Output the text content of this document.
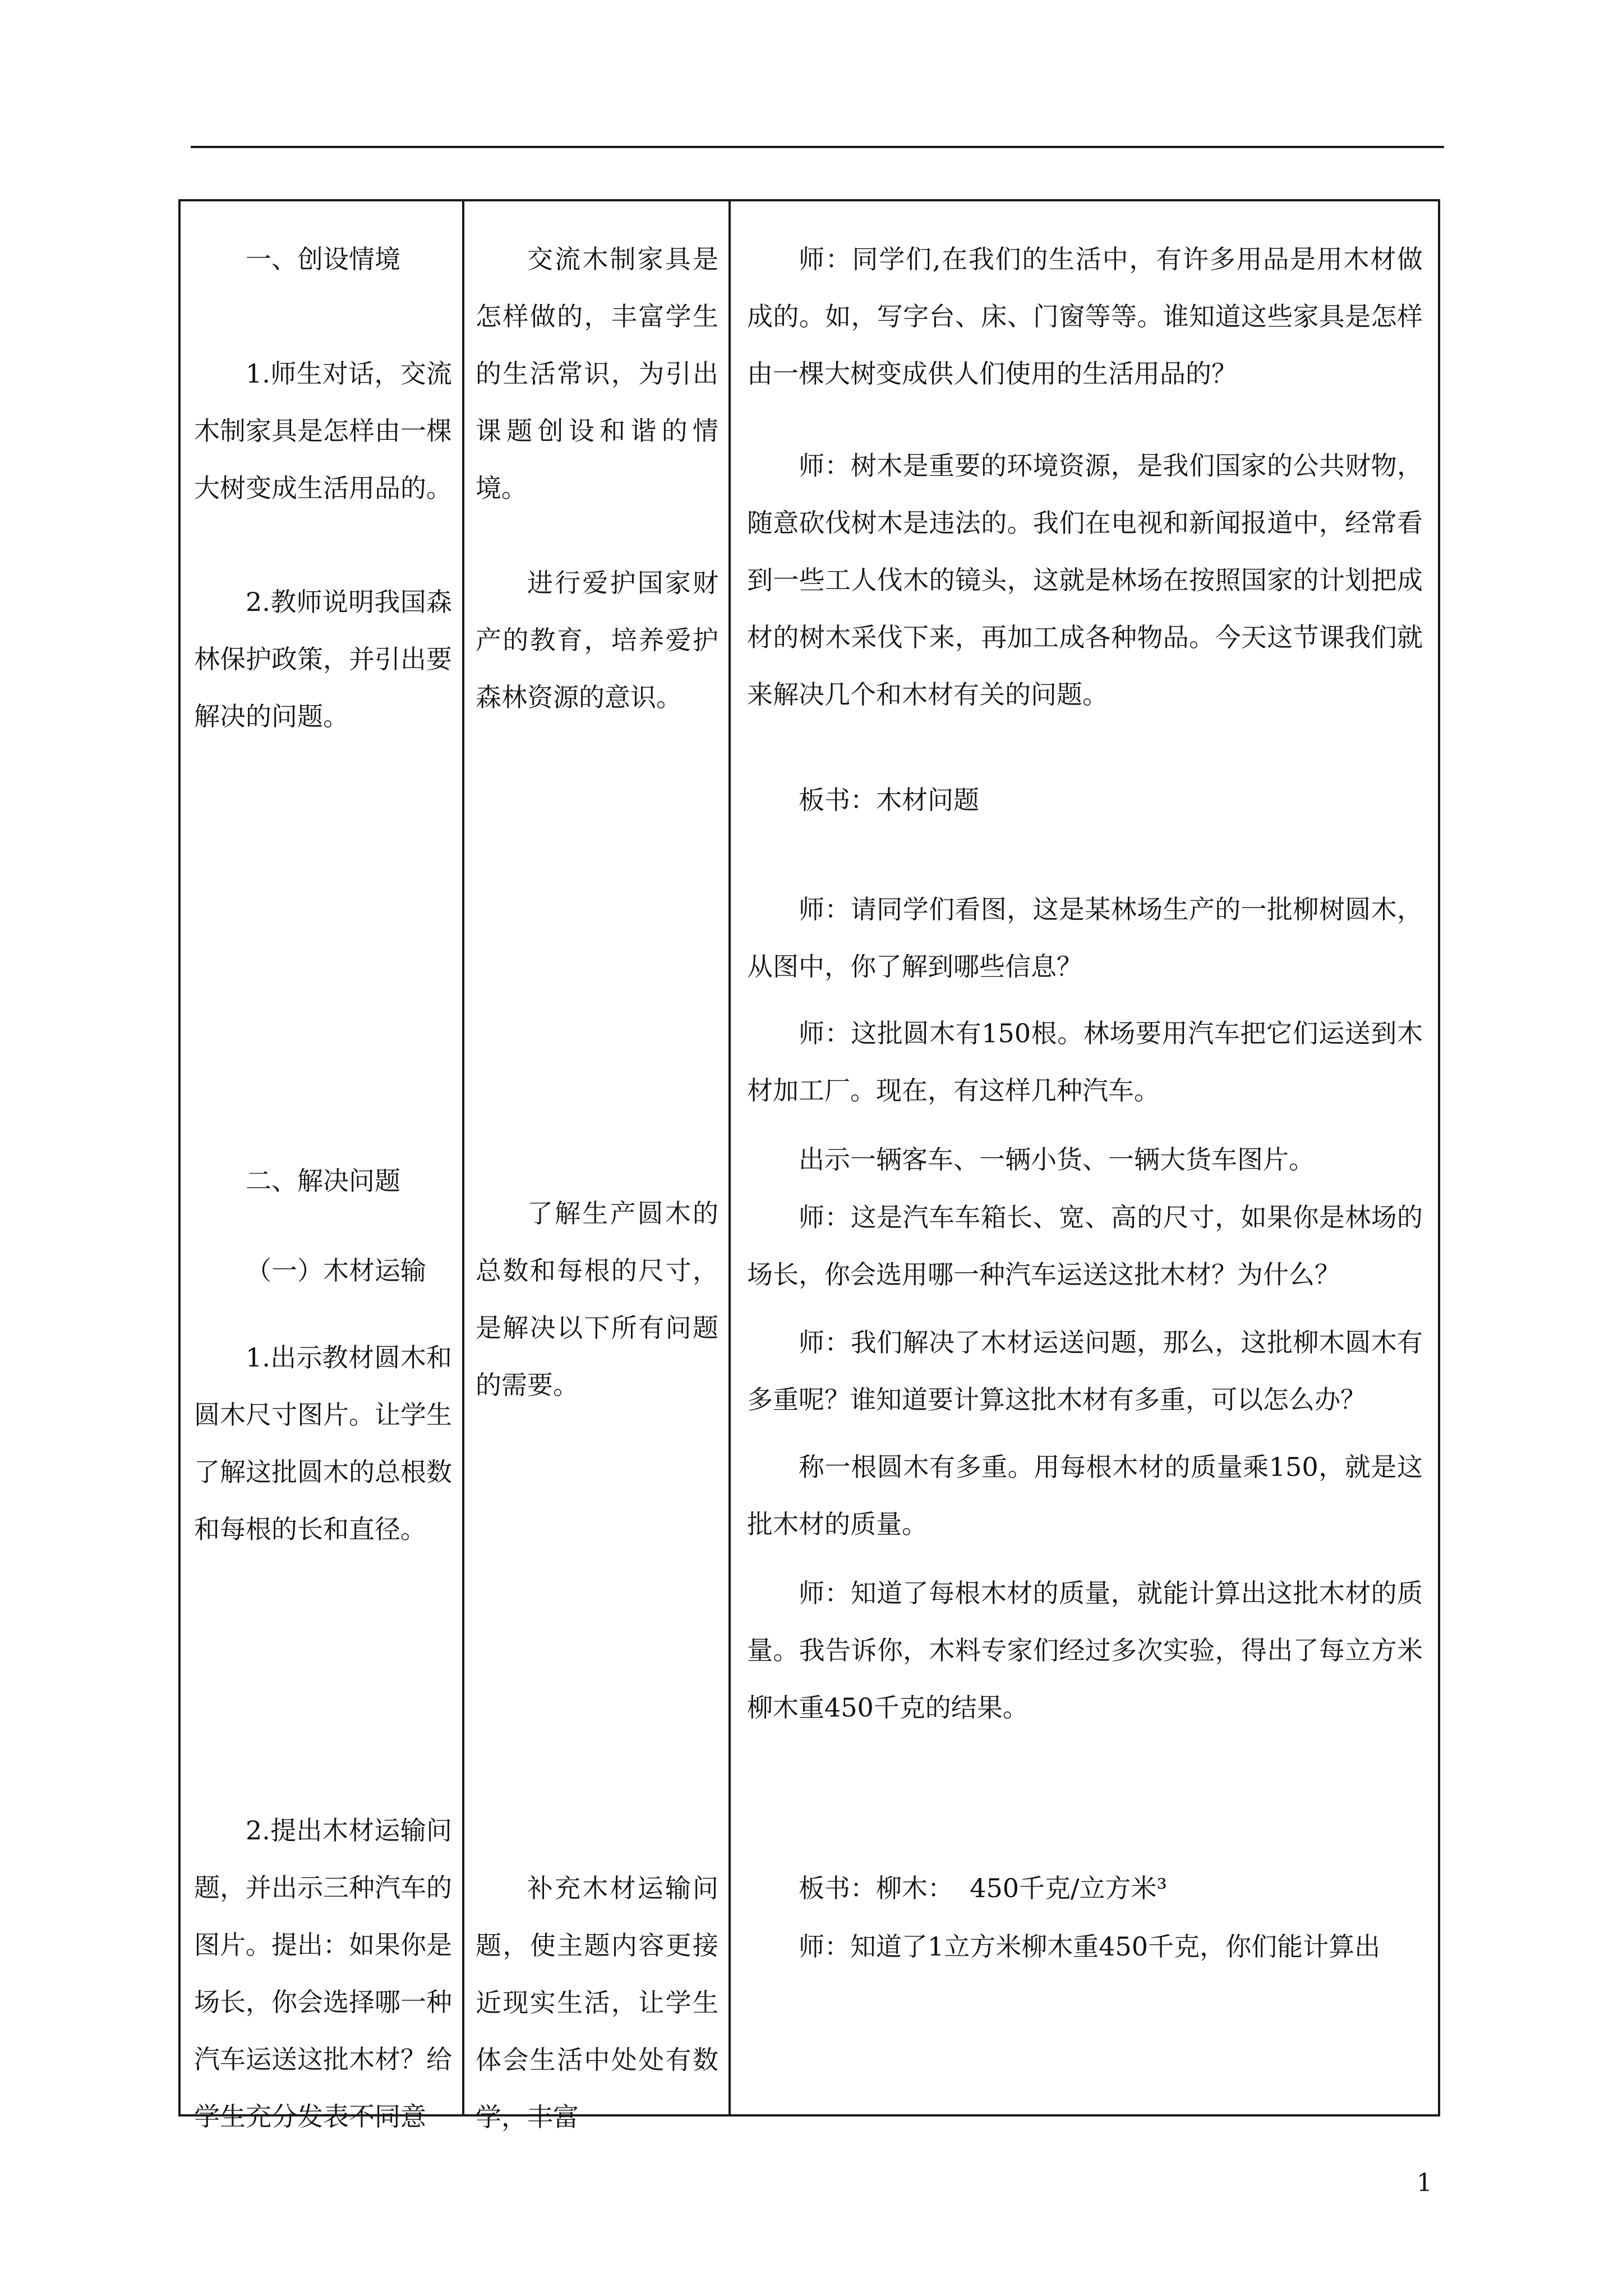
一、创设情境

1.师生对话，交流木制家具是怎样由一棵大树变成生活用品的。

2.教师说明我国森林保护政策，并引出要解决的问题。

二、解决问题

（一）木材运输

1.出示教材圆木和圆木尺寸图片。让学生了解这批圆木的总根数和每根的长和直径。

2.提出木材运输问题，并出示三种汽车的图片。提出：如果你是场长，你会选择哪一种汽车运送这批木材？给学生充分发表不同意

交流木制家具是怎样做的，丰富学生的生活常识，为引出课题创设和谐的情境。

进行爱护国家财产的教育，培养爱护森林资源的意识。

了解生产圆木的总数和每根的尺寸，是解决以下所有问题的需要。

补充木材运输问题，使主题内容更接近现实生活，让学生体会生活中处处有数学，丰富

师：同学们,在我们的生活中，有许多用品是用木材做成的。如，写字台、床、门窗等等。谁知道这些家具是怎样由一棵大树变成供人们使用的生活用品的？

师：树木是重要的环境资源，是我们国家的公共财物，随意砍伐树木是违法的。我们在电视和新闻报道中，经常看到一些工人伐木的镜头，这就是林场在按照国家的计划把成材的树木采伐下来，再加工成各种物品。今天这节课我们就来解决几个和木材有关的问题。

板书：木材问题

师：请同学们看图，这是某林场生产的一批柳树圆木，从图中，你了解到哪些信息？

师：这批圆木有150根。林场要用汽车把它们运送到木材加工厂。现在，有这样几种汽车。

出示一辆客车、一辆小货、一辆大货车图片。

师：这是汽车车箱长、宽、高的尺寸，如果你是林场的场长，你会选用哪一种汽车运送这批木材？为什么？

师：我们解决了木材运送问题，那么，这批柳木圆木有多重呢？谁知道要计算这批木材有多重，可以怎么办？

称一根圆木有多重。用每根木材的质量乘150，就是这批木材的质量。

师：知道了每根木材的质量，就能计算出这批木材的质量。我告诉你，木料专家们经过多次实验，得出了每立方米柳木重450千克的结果。

板书：柳木：  450千克/立方米³

师：知道了1立方米柳木重450千克，你们能计算出

1
